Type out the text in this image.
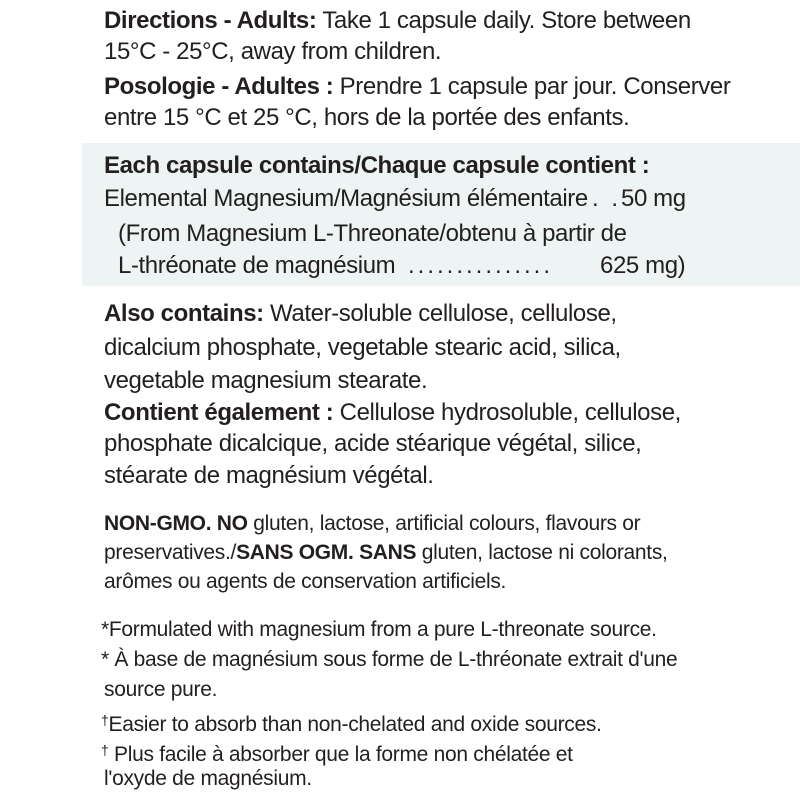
Directions - Adults: Take 1 capsule daily. Store between
15°C - 25°C, away from children.
Posologie - Adultes : Prendre 1 capsule par jour. Conserver
entre 15 °C et 25 °C, hors de la portée des enfants.
Each capsule contains/Chaque capsule contient :
Elemental Magnesium/Magnésium élémentaire . . 50 mg
(From Magnesium L-Threonate/obtenu à partir de
L-thréonate de magnésium ............... 625 mg)
Also contains: Water-soluble cellulose, cellulose,
dicalcium phosphate, vegetable stearic acid, silica,
vegetable magnesium stearate.
Contient également : Cellulose hydrosoluble, cellulose,
phosphate dicalcique, acide stéarique végétal, silice,
stéarate de magnésium végétal.
NON-GMO. NO gluten, lactose, artificial colours, flavours or
preservatives./SANS OGM. SANS gluten, lactose ni colorants,
arômes ou agents de conservation artificiels.
*Formulated with magnesium from a pure L-threonate source.
* À base de magnésium sous forme de L-thréonate extrait d'une
source pure.
†Easier to absorb than non-chelated and oxide sources.
† Plus facile à absorber que la forme non chélatée et
l'oxyde de magnésium.
